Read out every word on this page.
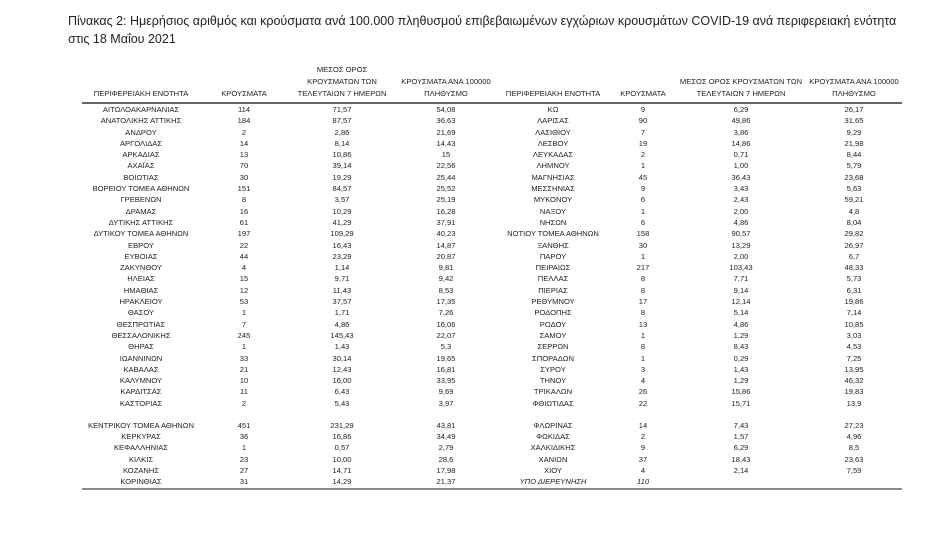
Πίνακας 2: Ημερήσιος αριθμός και κρούσματα ανά 100.000 πληθυσμού επιβεβαιωμένων εγχώριων κρουσμάτων COVID-19 ανά περιφερειακή ενότητα στις 18 Μαΐου 2021
ΠΕΡΙΦΕΡΕΙΑΚΗ ΕΝΟΤΗΤΑ	ΚΡΟΥΣΜΑΤΑ	ΜΕΣΟΣ ΟΡΟΣ ΚΡΟΥΣΜΑΤΩΝ ΤΩΝ ΤΕΛΕΥΤΑΙΩΝ 7 ΗΜΕΡΩΝ	ΚΡΟΥΣΜΑΤΑ ΑΝΑ 100000 ΠΛΗΘΥΣΜΟ	ΠΕΡΙΦΕΡΕΙΑΚΗ ΕΝΟΤΗΤΑ	ΚΡΟΥΣΜΑΤΑ	ΜΕΣΟΣ ΟΡΟΣ ΚΡΟΥΣΜΑΤΩΝ ΤΩΝ ΤΕΛΕΥΤΑΙΩΝ 7 ΗΜΕΡΩΝ	ΚΡΟΥΣΜΑΤΑ ΑΝΑ 100000 ΠΛΗΘΥΣΜΟ
ΑΙΤΩΛΟΑΚΑΡΝΑΝΙΑΣ	114	71,57	54,08	ΚΩ	9	6,29	26,17
ΑΝΑΤΟΛΙΚΗΣ ΑΤΤΙΚΗΣ	184	87,57	36,63	ΛΑΡΙΣΑΣ	90	49,86	31,65
ΑΝΔΡΟΥ	2	2,86	21,69	ΛΑΣΙΘΙΟΥ	7	3,86	9,29
ΑΡΓΟΛΙΔΑΣ	14	8,14	14,43	ΛΕΣΒΟΥ	19	14,86	21,98
ΑΡΚΑΔΙΑΣ	13	10,86	15	ΛΕΥΚΑΔΑΣ	2	0,71	8,44
ΑΧΑΪΑΣ	70	39,14	22,56	ΛΗΜΝΟΥ	1	1,00	5,79
ΒΟΙΩΤΙΑΣ	30	19,29	25,44	ΜΑΓΝΗΣΙΑΣ	45	36,43	23,68
ΒΟΡΕΙΟΥ ΤΟΜΕΑ ΑΘΗΝΩΝ	151	84,57	25,52	ΜΕΣΣΗΝΙΑΣ	9	3,43	5,63
ΓΡΕΒΕΝΩΝ	8	3,57	25,19	ΜΥΚΟΝΟΥ	6	2,43	59,21
ΔΡΑΜΑΣ	16	10,29	16,28	ΝΑΞΟΥ	1	2,00	4,8
ΔΥΤΙΚΗΣ ΑΤΤΙΚΗΣ	61	41,29	37,91	ΝΗΣΩΝ	6	4,86	8,04
ΔΥΤΙΚΟΥ ΤΟΜΕΑ ΑΘΗΝΩΝ	197	109,29	40,23	ΝΟΤΙΟΥ ΤΟΜΕΑ ΑΘΗΝΩΝ	158	90,57	29,82
ΕΒΡΟΥ	22	16,43	14,87	ΞΑΝΘΗΣ	30	13,29	26,97
ΕΥΒΟΙΑΣ	44	23,29	20,87	ΠΑΡΟΥ	1	2,00	6,7
ΖΑΚΥΝΘΟΥ	4	1,14	9,81	ΠΕΙΡΑΙΩΣ	217	103,43	48,33
ΗΛΕΙΑΣ	15	9,71	9,42	ΠΕΛΛΑΣ	8	7,71	5,73
ΗΜΑΘΙΑΣ	12	11,43	8,53	ΠΙΕΡΙΑΣ	8	9,14	6,31
ΗΡΑΚΛΕΙΟΥ	53	37,57	17,35	ΡΕΘΥΜΝΟΥ	17	12,14	19,86
ΘΑΣΟΥ	1	1,71	7,26	ΡΟΔΟΠΗΣ	8	5,14	7,14
ΘΕΣΠΡΩΤΙΑΣ	7	4,86	16,06	ΡΟΔΟΥ	13	4,86	10,85
ΘΕΣΣΑΛΟΝΙΚΗΣ	245	145,43	22,07	ΣΑΜΟΥ	1	1,29	3,03
ΘΗΡΑΣ	1	1,43	5,3	ΣΕΡΡΩΝ	8	8,43	4,53
ΙΩΑΝΝΙΝΩΝ	33	30,14	19,65	ΣΠΟΡΑΔΩΝ	1	0,29	7,25
ΚΑΒΑΛΑΣ	21	12,43	16,81	ΣΥΡΟΥ	3	1,43	13,95
ΚΑΛΥΜΝΟΥ	10	16,00	33,95	ΤΗΝΟΥ	4	1,29	46,32
ΚΑΡΔΙΤΣΑΣ	11	6,43	9,69	ΤΡΙΚΑΛΩΝ	26	15,86	19,83
ΚΑΣΤΟΡΙΑΣ	2	5,43	3,97	ΦΘΙΩΤΙΔΑΣ	22	15,71	13,9
ΚΕΝΤΡΙΚΟΥ ΤΟΜΕΑ ΑΘΗΝΩΝ	451	231,29	43,81	ΦΛΩΡΙΝΑΣ	14	7,43	27,23
ΚΕΡΚΥΡΑΣ	36	16,86	34,49	ΦΩΚΙΔΑΣ	2	1,57	4,96
ΚΕΦΑΛΛΗΝΙΑΣ	1	0,57	2,79	ΧΑΛΚΙΔΙΚΗΣ	9	6,29	8,5
ΚΙΛΚΙΣ	23	10,00	28,6	ΧΑΝΙΩΝ	37	18,43	23,63
ΚΟΖΑΝΗΣ	27	14,71	17,98	ΧΙΟΥ	4	2,14	7,59
ΚΟΡΙΝΘΙΑΣ	31	14,29	21,37	ΥΠΟ ΔΙΕΡΕΥΝΗΣΗ	110		
